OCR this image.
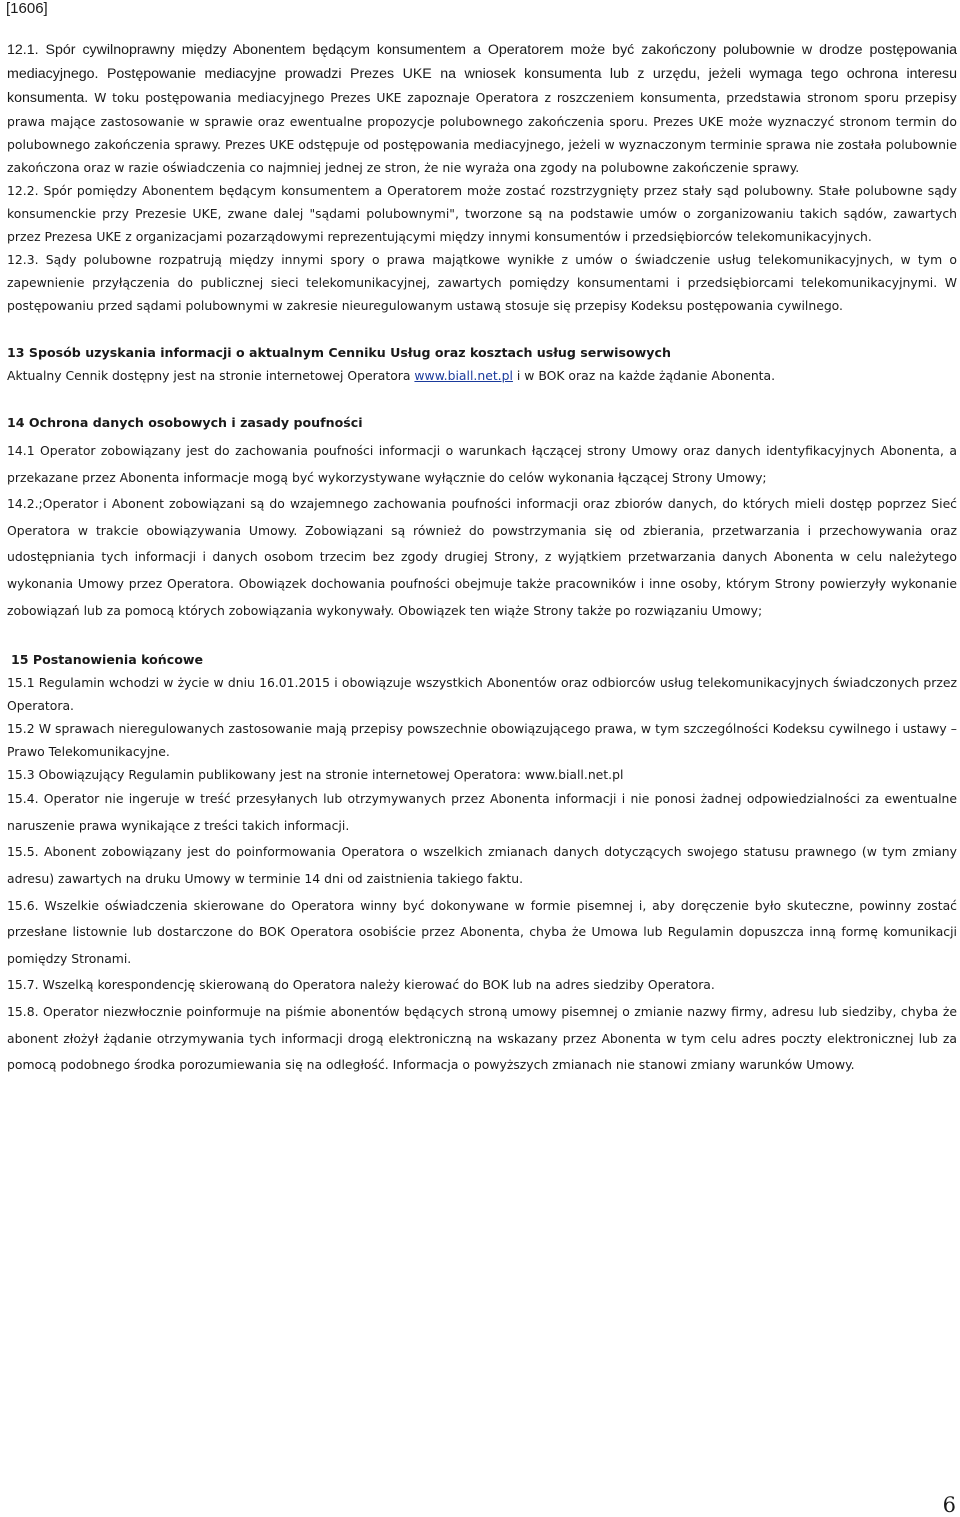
[1606]

12.1. Spór cywilnoprawny między Abonentem będącym konsumentem a Operatorem może być zakończony polubownie w drodze postępowania mediacyjnego. Postępowanie mediacyjne prowadzi Prezes UKE na wniosek konsumenta lub z urzędu, jeżeli wymaga tego ochrona interesu konsumenta. W toku postępowania mediacyjnego Prezes UKE zapoznaje Operatora z roszczeniem konsumenta, przedstawia stronom sporu przepisy prawa mające zastosowanie w sprawie oraz ewentualne propozycje polubownego zakończenia sporu. Prezes UKE może wyznaczyć stronom termin do polubownego zakończenia sprawy. Prezes UKE odstępuje od postępowania mediacyjnego, jeżeli w wyznaczonym terminie sprawa nie została polubownie zakończona oraz w razie oświadczenia co najmniej jednej ze stron, że nie wyraża ona zgody na polubowne zakończenie sprawy.

12.2. Spór pomiędzy Abonentem będącym konsumentem a Operatorem może zostać rozstrzygnięty przez stały sąd polubowny. Stałe polubowne sądy konsumenckie przy Prezesie UKE, zwane dalej "sądami polubownymi", tworzone są na podstawie umów o zorganizowaniu takich sądów, zawartych przez Prezesa UKE z organizacjami pozarządowymi reprezentującymi między innymi konsumentów i przedsiębiorców telekomunikacyjnych.

12.3. Sądy polubowne rozpatrują między innymi spory o prawa majątkowe wynikłe z umów o świadczenie usług telekomunikacyjnych, w tym o zapewnienie przyłączenia do publicznej sieci telekomunikacyjnej, zawartych pomiędzy konsumentami i przedsiębiorcami telekomunikacyjnymi. W postępowaniu przed sądami polubownymi w zakresie nieuregulowanym ustawą stosuje się przepisy Kodeksu postępowania cywilnego.

13 Sposób uzyskania informacji o aktualnym Cenniku Usług oraz kosztach usług serwisowych

Aktualny Cennik dostępny jest na stronie internetowej Operatora www.biall.net.pl i w BOK oraz na każde żądanie Abonenta.

14 Ochrona danych osobowych i zasady poufności

14.1 Operator zobowiązany jest do zachowania poufności informacji o warunkach łączącej strony Umowy oraz danych identyfikacyjnych Abonenta, a przekazane przez Abonenta informacje mogą być wykorzystywane wyłącznie do celów wykonania łączącej Strony Umowy;

14.2.;Operator i Abonent zobowiązani są do wzajemnego zachowania poufności informacji oraz zbiorów danych, do których mieli dostęp poprzez Sieć Operatora w trakcie obowiązywania Umowy. Zobowiązani są również do powstrzymania się od zbierania, przetwarzania i przechowywania oraz udostępniania tych informacji i danych osobom trzecim bez zgody drugiej Strony, z wyjątkiem przetwarzania danych Abonenta w celu należytego wykonania Umowy przez Operatora. Obowiązek dochowania poufności obejmuje także pracowników i inne osoby, którym Strony powierzyły wykonanie zobowiązań lub za pomocą których zobowiązania wykonywały. Obowiązek ten wiąże Strony także po rozwiązaniu Umowy;

15 Postanowienia końcowe

15.1 Regulamin wchodzi w życie w dniu 16.01.2015 i obowiązuje wszystkich Abonentów oraz odbiorców usług telekomunikacyjnych świadczonych przez Operatora.

15.2 W sprawach nieregulowanych zastosowanie mają przepisy powszechnie obowiązującego prawa, w tym szczególności Kodeksu cywilnego i ustawy – Prawo Telekomunikacyjne.

15.3 Obowiązujący Regulamin publikowany jest na stronie internetowej Operatora: www.biall.net.pl

15.4. Operator nie ingeruje w treść przesyłanych lub otrzymywanych przez Abonenta informacji i nie ponosi żadnej odpowiedzialności za ewentualne naruszenie prawa wynikające z treści takich informacji.

15.5. Abonent zobowiązany jest do poinformowania Operatora o wszelkich zmianach danych dotyczących swojego statusu prawnego (w tym zmiany adresu) zawartych na druku Umowy w terminie 14 dni od zaistnienia takiego faktu.

15.6. Wszelkie oświadczenia skierowane do Operatora winny być dokonywane w formie pisemnej i, aby doręczenie było skuteczne, powinny zostać przesłane listownie lub dostarczone do BOK Operatora osobiście przez Abonenta, chyba że Umowa lub Regulamin dopuszcza inną formę komunikacji pomiędzy Stronami.

15.7. Wszelką korespondencję skierowaną do Operatora należy kierować do BOK lub na adres siedziby Operatora.

15.8. Operator niezwłocznie poinformuje na piśmie abonentów będących stroną umowy pisemnej o zmianie nazwy firmy, adresu lub siedziby, chyba że abonent złożył żądanie otrzymywania tych informacji drogą elektroniczną na wskazany przez Abonenta w tym celu adres poczty elektronicznej lub za pomocą podobnego środka porozumiewania się na odległość. Informacja o powyższych zmianach nie stanowi zmiany warunków Umowy.

6
